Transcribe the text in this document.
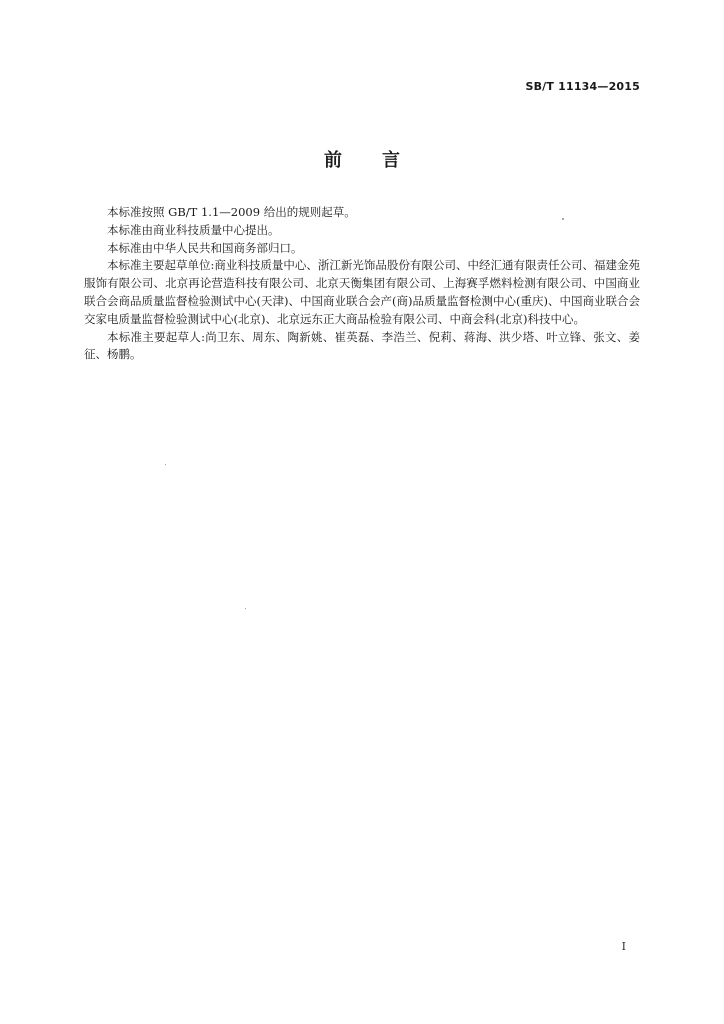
SB/T 11134—2015
前言

本标准按照 GB/T 1.1—2009 给出的规则起草。

本标准由商业科技质量中心提出。

本标准由中华人民共和国商务部归口。

本标准主要起草单位:商业科技质量中心、浙江新光饰品股份有限公司、中经汇通有限责任公司、福建金苑服饰有限公司、北京再论营造科技有限公司、北京天衡集团有限公司、上海赛孚燃料检测有限公司、中国商业联合会商品质量监督检验测试中心(天津)、中国商业联合会产(商)品质量监督检测中心(重庆)、中国商业联合会交家电质量监督检验测试中心(北京)、北京远东正大商品检验有限公司、中商会科(北京)科技中心。

本标准主要起草人:尚卫东、周东、陶新姚、崔英磊、李浩兰、倪莉、蒋海、洪少塔、叶立锋、张文、姜征、杨鹏。

I
